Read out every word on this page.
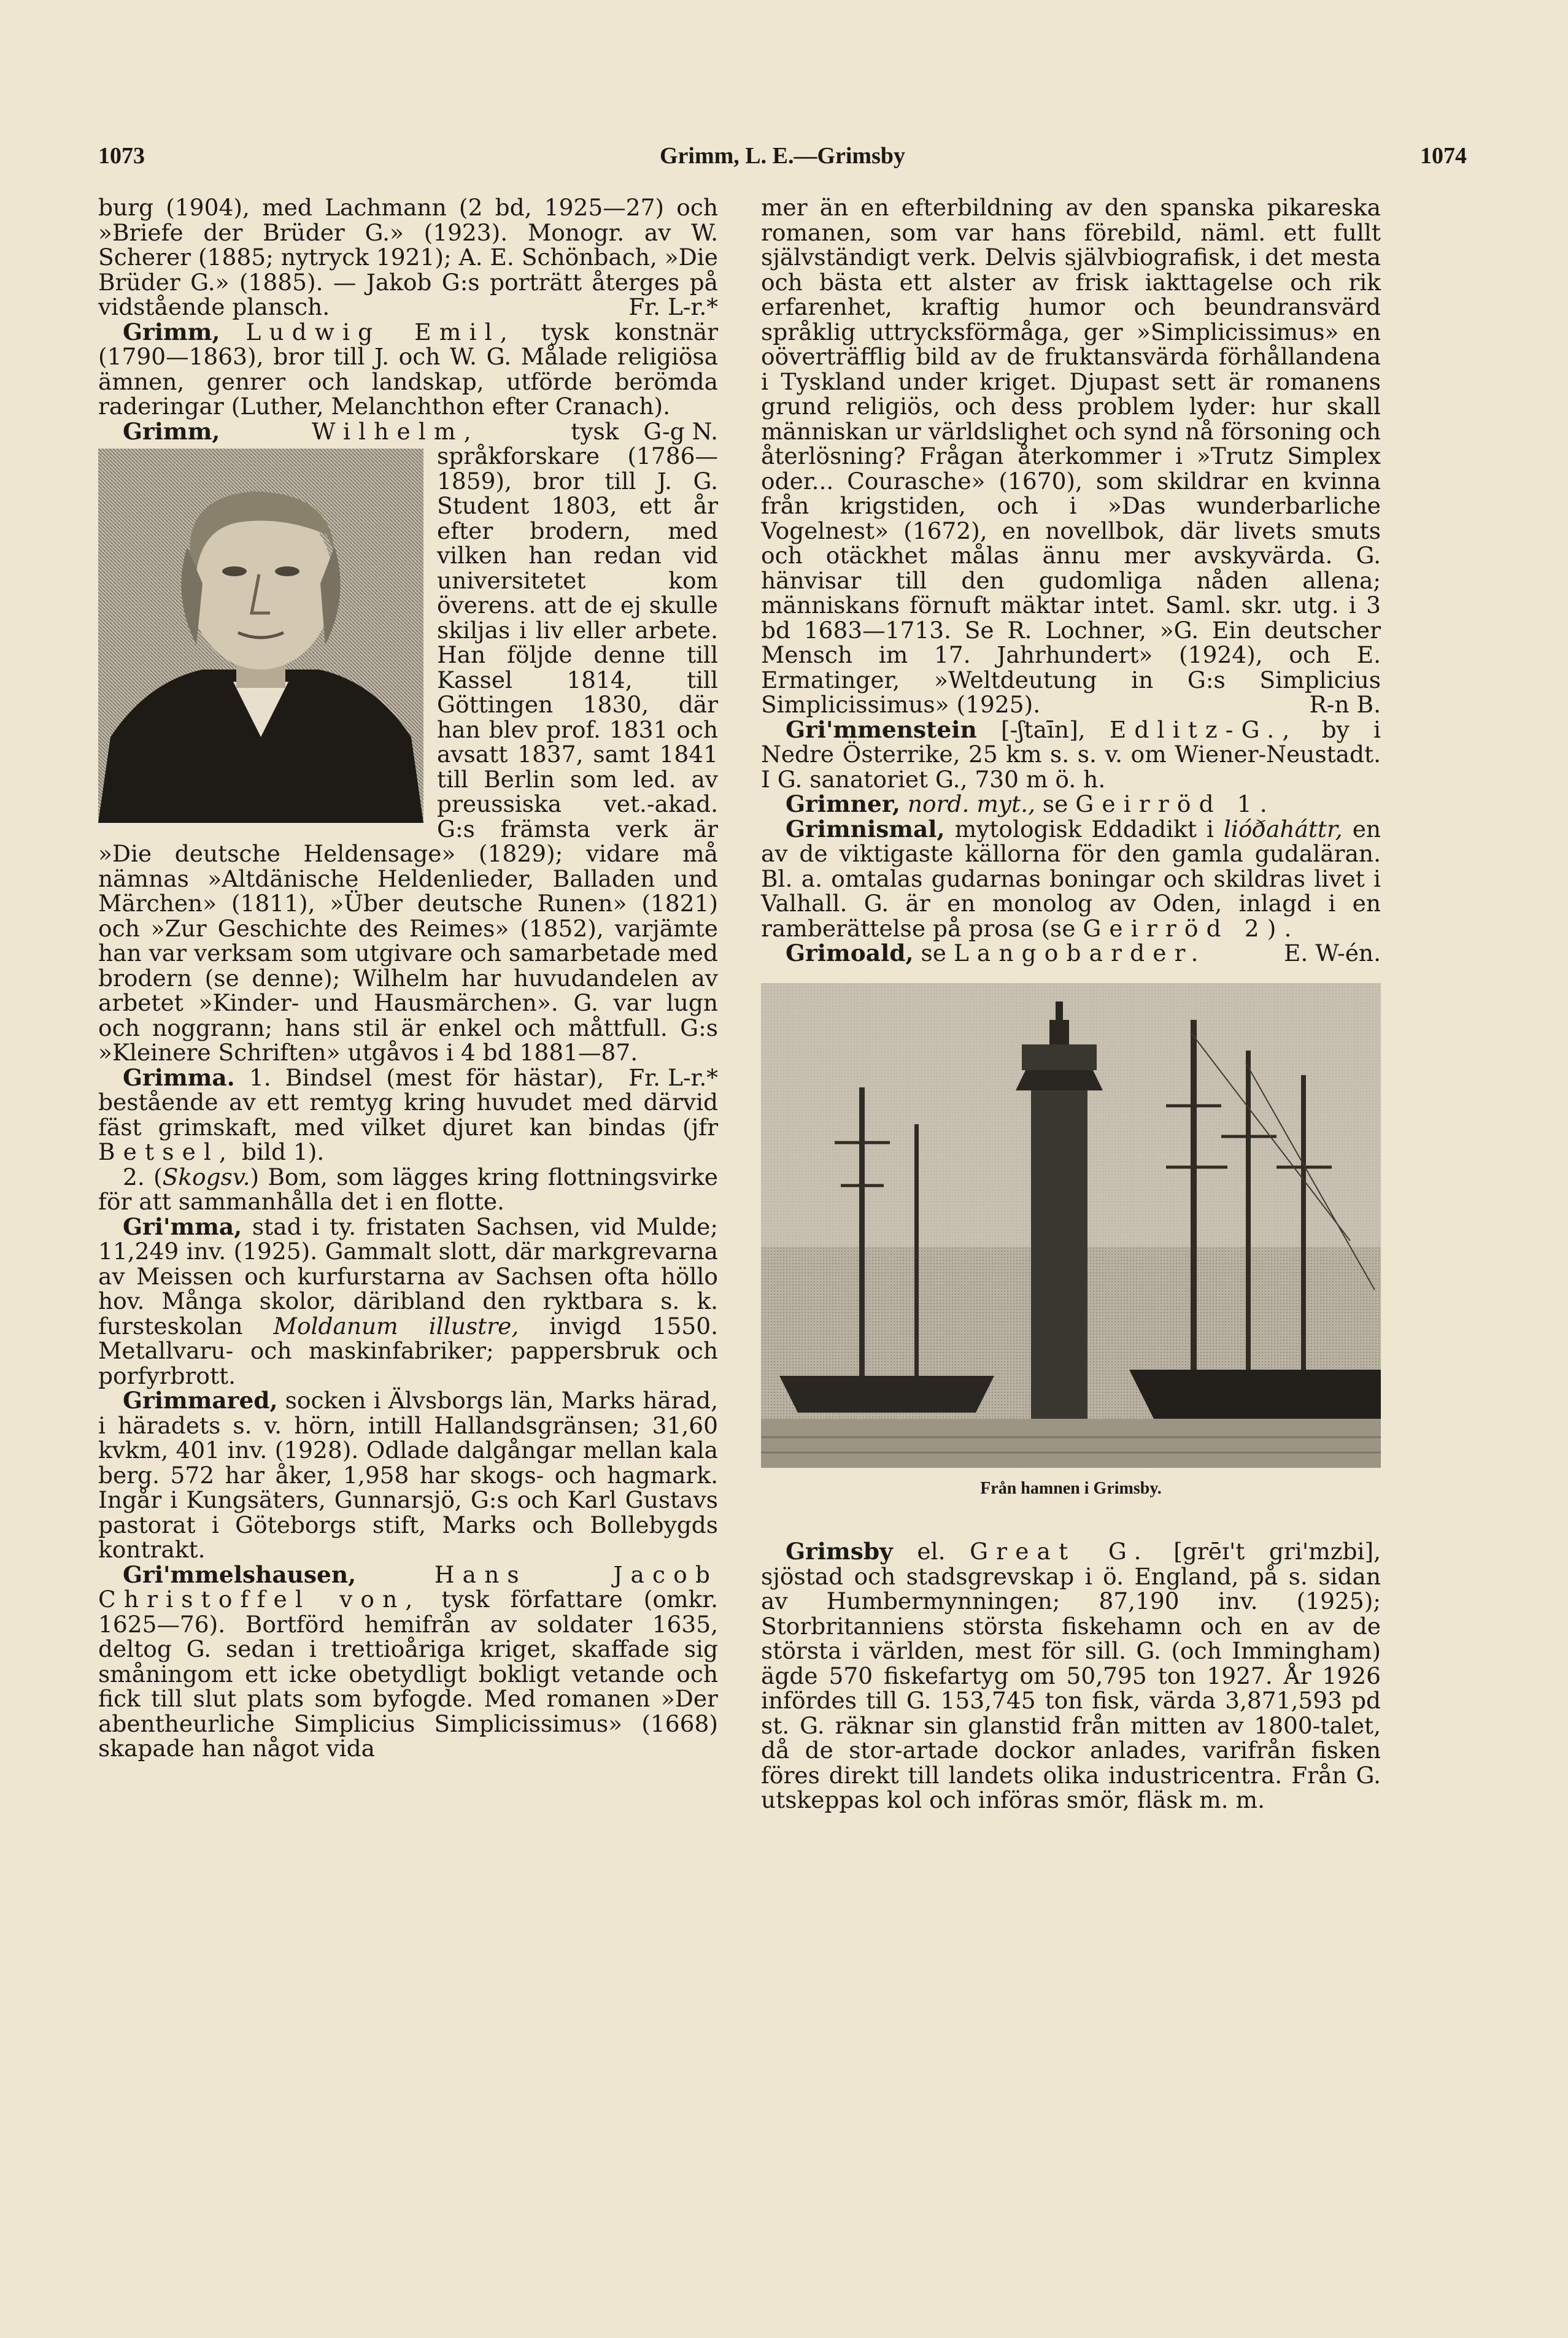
Grimm, L. E.—Grimsby
1073	1074

burg (1904), med Lachmann (2 bd, 1925—27) och »Briefe der Brüder G.» (1923). Monogr. av W. Scherer (1885; nytryck 1921); A. E. Schönbach, »Die Brüder G.» (1885). — Jakob G:s porträtt återges på vidstående plansch.	Fr. L-r.*

Grimm, Ludwig Emil, tysk konstnär (1790—1863), bror till J. och W. G. Målade religiösa ämnen, genrer och landskap, utförde berömda raderingar (Luther, Melanchthon efter Cranach).
G-g N.

Grimm,	Wilhelm,	tysk språkforskare (1786—1859), bror till J. G. Student 1803, ett år efter brodern, med vilken han redan vid universitetet kom överens. att de ej skulle skiljas i liv eller arbete. Han följde denne till Kassel 1814, till Göttingen 1830, där han blev prof. 1831 och avsatt 1837, samt 1841 till Berlin som led. av preussiska vet.-akad. G:s främsta verk är »Die deutsche Heldensage» (1829); vidare må nämnas »Altdänische Heldenlieder, Balladen und Märchen» (1811), »Über deutsche Runen» (1821) och »Zur Geschichte des Reimes» (1852), varjämte han var verksam som utgivare och samarbetade med brodern (se denne); Wilhelm har huvudandelen av arbetet »Kinder- und Hausmärchen». G. var lugn och noggrann; hans stil är enkel och måttfull. G:s »Kleinere Schriften» utgåvos i 4 bd 1881—87.
Fr. L-r.*

Grimma. 1. Bindsel (mest för hästar), bestående av ett remtyg kring huvudet med därvid fäst grimskaft, med vilket djuret kan bindas (jfr Betsel, bild 1).

2. (Skogsv.) Bom, som lägges kring flottningsvirke för att sammanhålla det i en flotte.

Gri'mma, stad i ty. fristaten Sachsen, vid Mulde; 11,249 inv. (1925). Gammalt slott, där markgrevarna av Meissen och kurfurstarna av Sachsen ofta höllo hov. Många skolor, däribland den ryktbara s. k. fursteskolan Moldanum illustre, invigd 1550. Metallvaru- och maskinfabriker; pappersbruk och porfyrbrott.

Grimmared, socken i Älvsborgs län, Marks härad, i häradets s. v. hörn, intill Hallandsgränsen; 31,60 kvkm, 401 inv. (1928). Odlade dalgångar mellan kala berg. 572 har åker, 1,958 har skogs- och hagmark. Ingår i Kungsäters, Gunnarsjö, G:s och Karl Gustavs pastorat i Göteborgs stift, Marks och Bollebygds kontrakt.

Gri'mmelshausen,	Hans Jacob Christoffel von, tysk författare (omkr. 1625—76). Bortförd hemifrån av soldater 1635, deltog G. sedan i trettioåriga kriget, skaffade sig småningom ett icke obetydligt bokligt vetande och fick till slut plats som byfogde. Med romanen »Der abentheurliche Simplicius Simplicissimus» (1668) skapade han något vida

mer än en efterbildning av den spanska pikareska romanen, som var hans förebild, näml. ett fullt självständigt verk. Delvis självbiografisk, i det mesta och bästa ett alster av frisk iakttagelse och rik erfarenhet, kraftig humor och beundransvärd språklig uttrycksförmåga, ger »Simplicissimus» en oöverträfflig bild av de fruktansvärda förhållandena i Tyskland under kriget. Djupast sett är romanens grund religiös, och dess problem lyder: hur skall människan ur världslighet och synd nå försoning och återlösning? Frågan återkommer i »Trutz Simplex oder... Courasche» (1670), som skildrar en kvinna från krigstiden, och i »Das wunderbarliche Vogelnest» (1672), en novellbok, där livets smuts och otäckhet målas ännu mer avskyvärda. G. hänvisar till den gudomliga nåden allena; människans förnuft mäktar intet. Saml. skr. utg. i 3 bd 1683—1713. Se R. Lochner, »G. Ein deutscher Mensch im 17. Jahrhundert» (1924), och E. Ermatinger, »Weltdeutung in G:s Simplicius Simplicissimus» (1925).	R-n B.

Gri'mmenstein [-ʃtaīn], Edlitz-G., by i Nedre Österrike, 25 km s. s. v. om Wiener-Neustadt. I G. sanatoriet G., 730 m ö. h.

Grimner, nord. myt., se Geirröd 1.

Grimnismal, mytologisk Eddadikt i lióðaháttr, en av de viktigaste källorna för den gamla gudaläran. Bl. a. omtalas gudarnas boningar och skildras livet i Valhall. G. är en monolog av Oden, inlagd i en ramberättelse på prosa (se Geirröd 2).
E. W-én.

Grimoald, se Langobarder.

Från hamnen i Grimsby.

Grimsby el. Great G. [grēɪ't gri'mzbi], sjöstad och stadsgrevskap i ö. England, på s. sidan av Humbermynningen; 87,190 inv. (1925); Storbritanniens största fiskehamn och en av de största i världen, mest för sill. G. (och Immingham) ägde 570 fiskefartyg om 50,795 ton 1927. År 1926 infördes till G. 153,745 ton fisk, värda 3,871,593 pd st. G. räknar sin glanstid från mitten av 1800-talet, då de stor-artade dockor anlades, varifrån fisken föres direkt till landets olika industricentra. Från G. utskeppas kol och införas smör, fläsk m. m.
